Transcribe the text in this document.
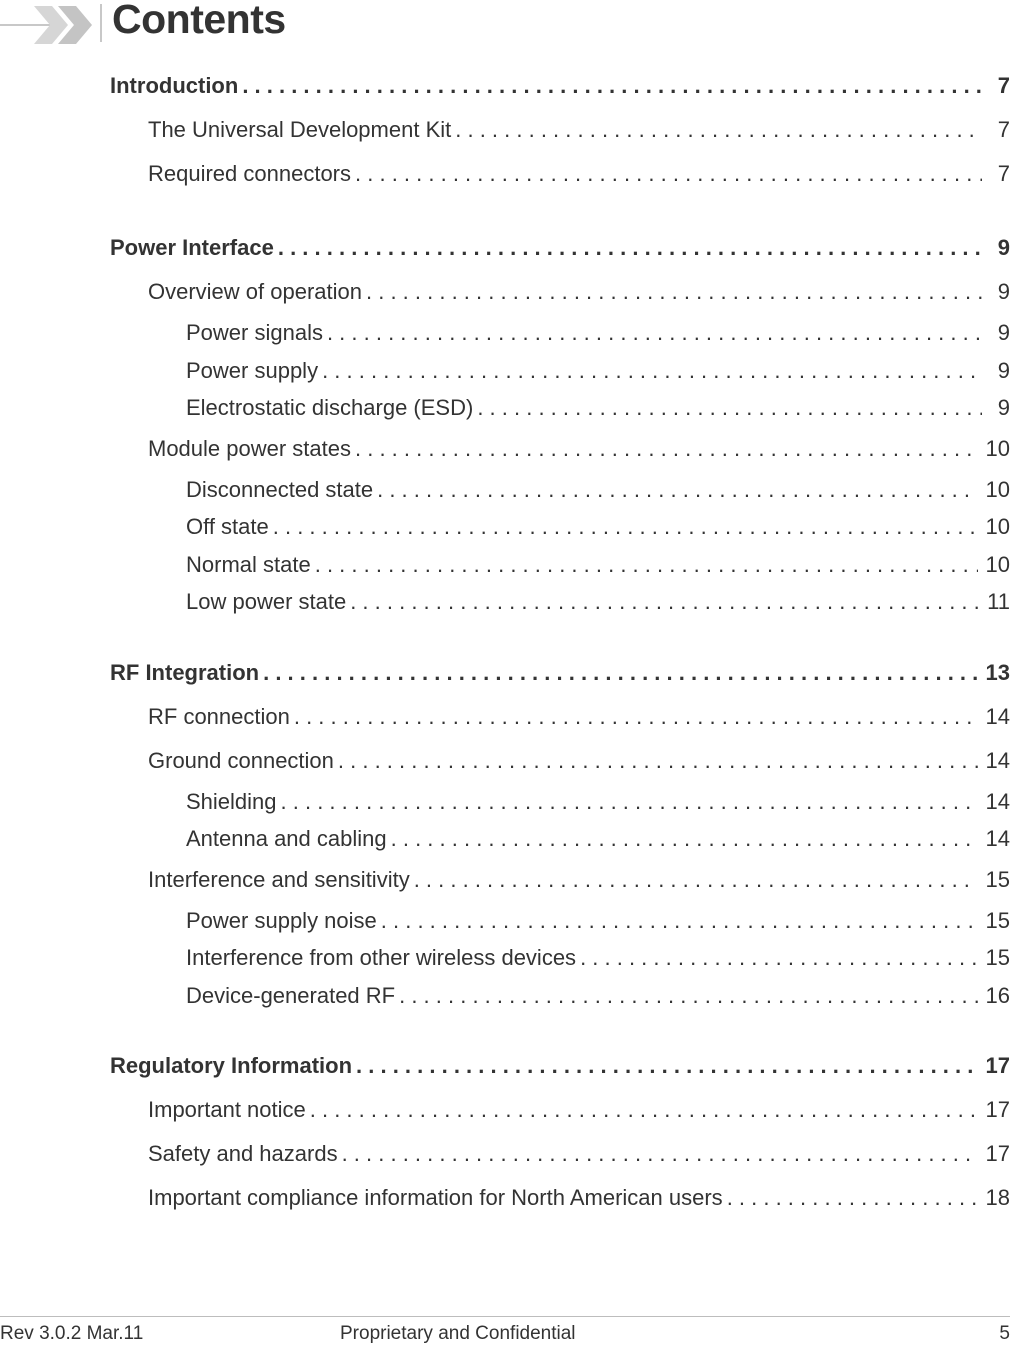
Contents
Introduction . . .	7
The Universal Development Kit . . .	7
Required connectors . . .	7
Power Interface . . .	9
Overview of operation . . .	9
Power signals . . .	9
Power supply . . .	9
Electrostatic discharge (ESD) . . .	9
Module power states . . .	10
Disconnected state . . .	10
Off state . . .	10
Normal state . . .	10
Low power state . . .	11
RF Integration . . .	13
RF connection . . .	14
Ground connection . . .	14
Shielding . . .	14
Antenna and cabling . . .	14
Interference and sensitivity . . .	15
Power supply noise . . .	15
Interference from other wireless devices . . .	15
Device-generated RF . . .	16
Regulatory Information . . .	17
Important notice . . .	17
Safety and hazards . . .	17
Important compliance information for North American users . . .	18
Rev 3.0.2 Mar.11	Proprietary and Confidential	5
